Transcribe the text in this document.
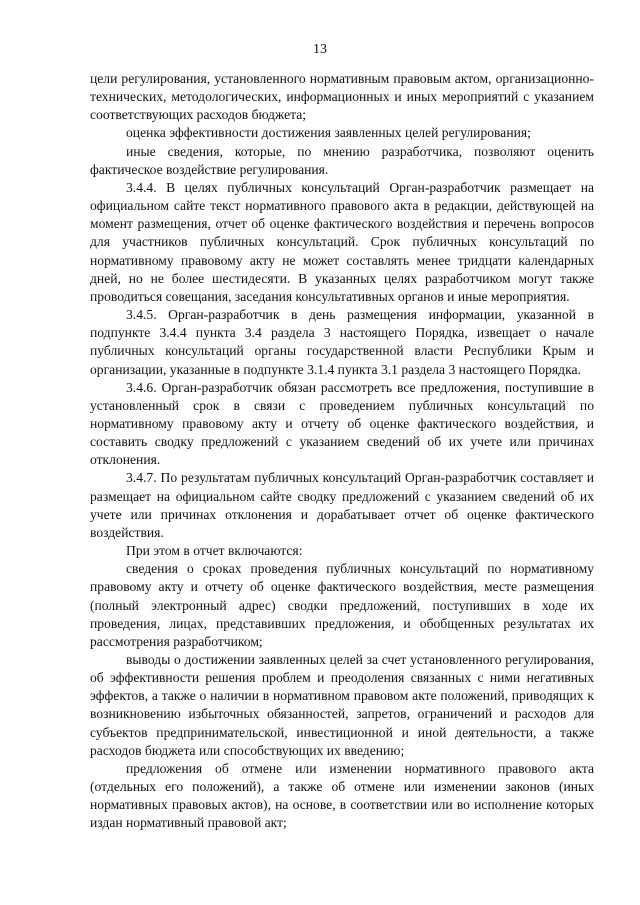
13

цели регулирования, установленного нормативным правовым актом, организационно-технических, методологических, информационных и иных мероприятий с указанием соответствующих расходов бюджета;

оценка эффективности достижения заявленных целей регулирования;

иные сведения, которые, по мнению разработчика, позволяют оценить фактическое воздействие регулирования.

3.4.4. В целях публичных консультаций Орган-разработчик размещает на официальном сайте текст нормативного правового акта в редакции, действующей на момент размещения, отчет об оценке фактического воздействия и перечень вопросов для участников публичных консультаций. Срок публичных консультаций по нормативному правовому акту не может составлять менее тридцати календарных дней, но не более шестидесяти. В указанных целях разработчиком могут также проводиться совещания, заседания консультативных органов и иные мероприятия.

3.4.5. Орган-разработчик в день размещения информации, указанной в подпункте 3.4.4 пункта 3.4 раздела 3 настоящего Порядка, извещает о начале публичных консультаций органы государственной власти Республики Крым и организации, указанные в подпункте 3.1.4 пункта 3.1 раздела 3 настоящего Порядка.

3.4.6. Орган-разработчик обязан рассмотреть все предложения, поступившие в установленный срок в связи с проведением публичных консультаций по нормативному правовому акту и отчету об оценке фактического воздействия, и составить сводку предложений с указанием сведений об их учете или причинах отклонения.

3.4.7. По результатам публичных консультаций Орган-разработчик составляет и размещает на официальном сайте сводку предложений с указанием сведений об их учете или причинах отклонения и дорабатывает отчет об оценке фактического воздействия.

При этом в отчет включаются:

сведения о сроках проведения публичных консультаций по нормативному правовому акту и отчету об оценке фактического воздействия, месте размещения (полный электронный адрес) сводки предложений, поступивших в ходе их проведения, лицах, представивших предложения, и обобщенных результатах их рассмотрения разработчиком;

выводы о достижении заявленных целей за счет установленного регулирования, об эффективности решения проблем и преодоления связанных с ними негативных эффектов, а также о наличии в нормативном правовом акте положений, приводящих к возникновению избыточных обязанностей, запретов, ограничений и расходов для субъектов предпринимательской, инвестиционной и иной деятельности, а также расходов бюджета или способствующих их введению;

предложения об отмене или изменении нормативного правового акта (отдельных его положений), а также об отмене или изменении законов (иных нормативных правовых актов), на основе, в соответствии или во исполнение которых издан нормативный правовой акт;
